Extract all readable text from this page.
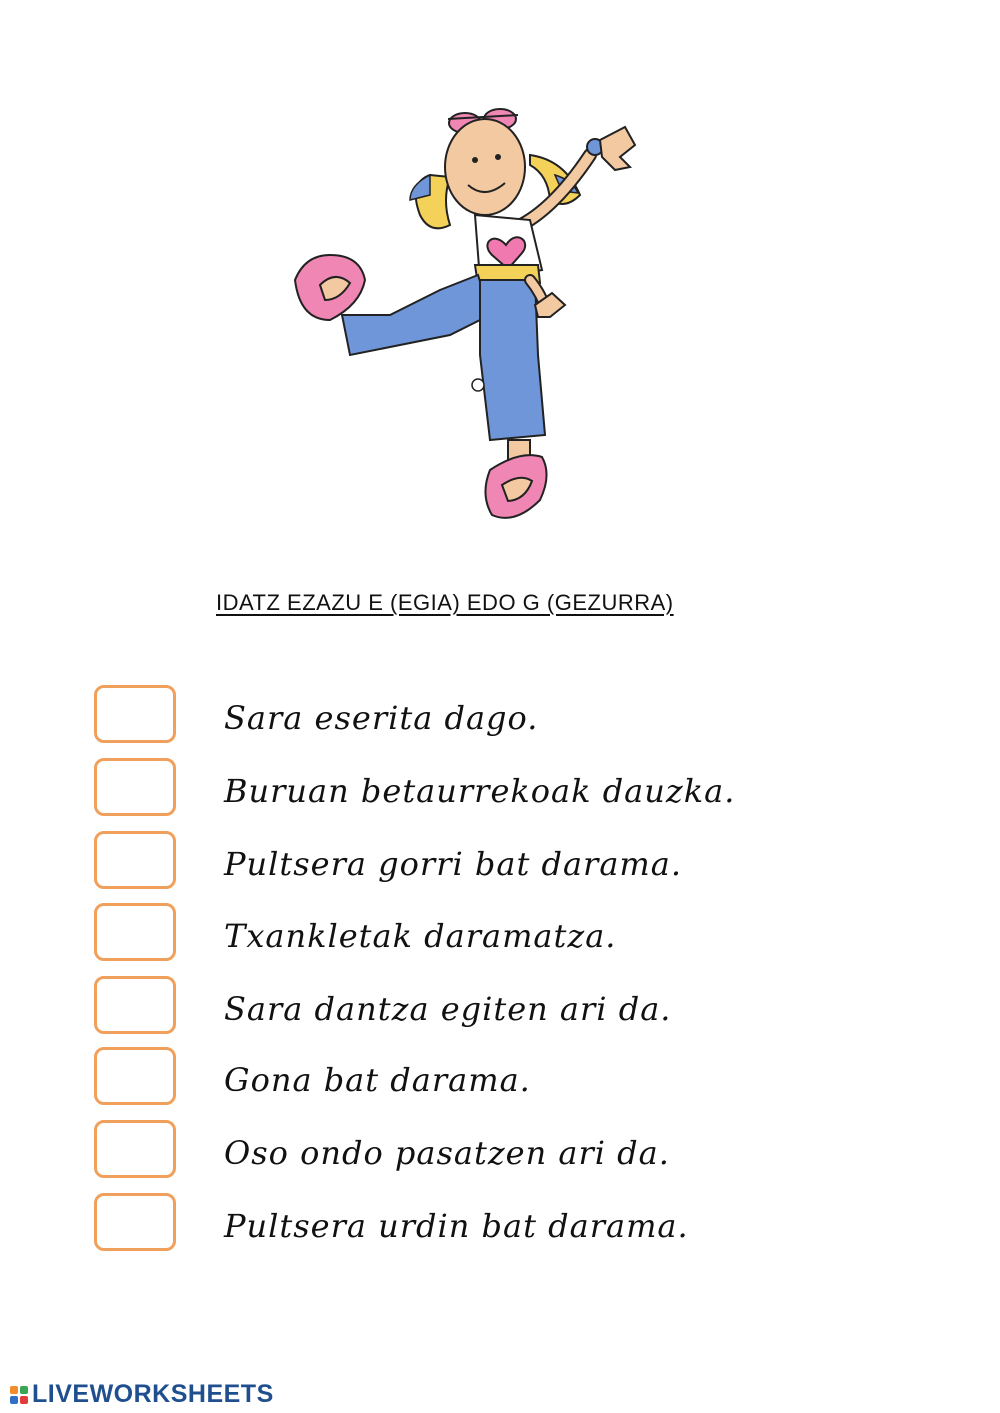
IDATZ EZAZU E (EGIA) EDO G (GEZURRA)
Sara eserita dago.
Buruan betaurrekoak dauzka.
Pultsera gorri bat darama.
Txankletak daramatza.
Sara dantza egiten ari da.
Gona bat darama.
Oso ondo pasatzen ari da.
Pultsera urdin bat darama.
LIVEWORKSHEETS
